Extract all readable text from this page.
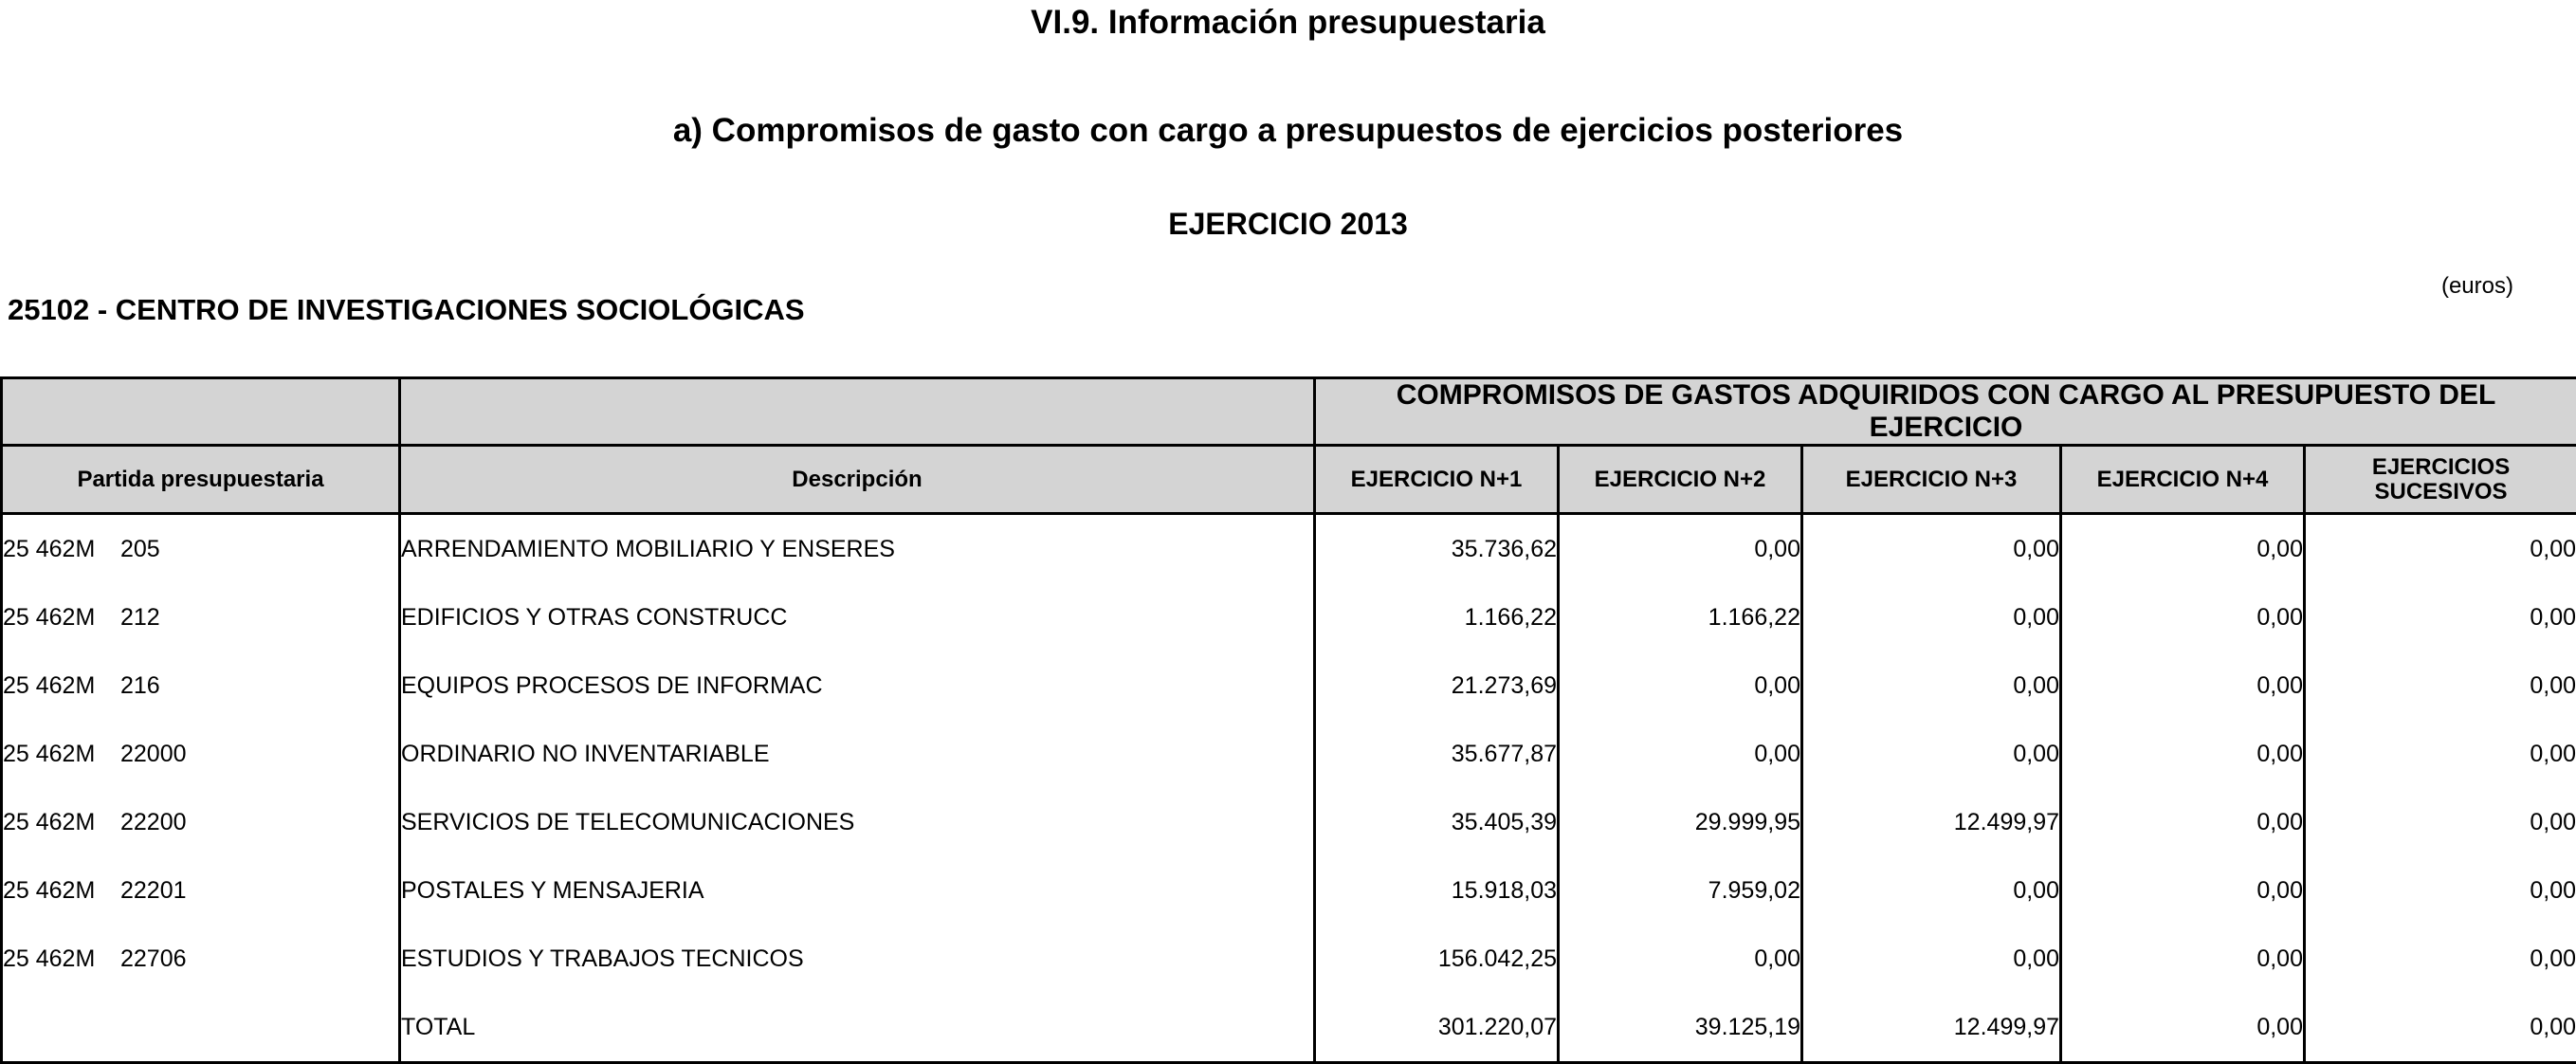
VI.9. Información presupuestaria
a) Compromisos de gasto con cargo a presupuestos de ejercicios posteriores
EJERCICIO 2013
(euros)
25102 - CENTRO DE INVESTIGACIONES SOCIOLÓGICAS
		COMPROMISOS DE GASTOS ADQUIRIDOS CON CARGO AL PRESUPUESTO DEL EJERCICIO				
Partida presupuestaria	Descripción	EJERCICIO N+1	EJERCICIO N+2	EJERCICIO N+3	EJERCICIO N+4	EJERCICIOS SUCESIVOS
25 462M 205	ARRENDAMIENTO MOBILIARIO Y ENSERES	35.736,62	0,00	0,00	0,00	0,00
25 462M 212	EDIFICIOS Y OTRAS CONSTRUCC	1.166,22	1.166,22	0,00	0,00	0,00
25 462M 216	EQUIPOS PROCESOS DE INFORMAC	21.273,69	0,00	0,00	0,00	0,00
25 462M 22000	ORDINARIO NO INVENTARIABLE	35.677,87	0,00	0,00	0,00	0,00
25 462M 22200	SERVICIOS DE TELECOMUNICACIONES	35.405,39	29.999,95	12.499,97	0,00	0,00
25 462M 22201	POSTALES Y MENSAJERIA	15.918,03	7.959,02	0,00	0,00	0,00
25 462M 22706	ESTUDIOS Y TRABAJOS TECNICOS	156.042,25	0,00	0,00	0,00	0,00
	TOTAL	301.220,07	39.125,19	12.499,97	0,00	0,00
